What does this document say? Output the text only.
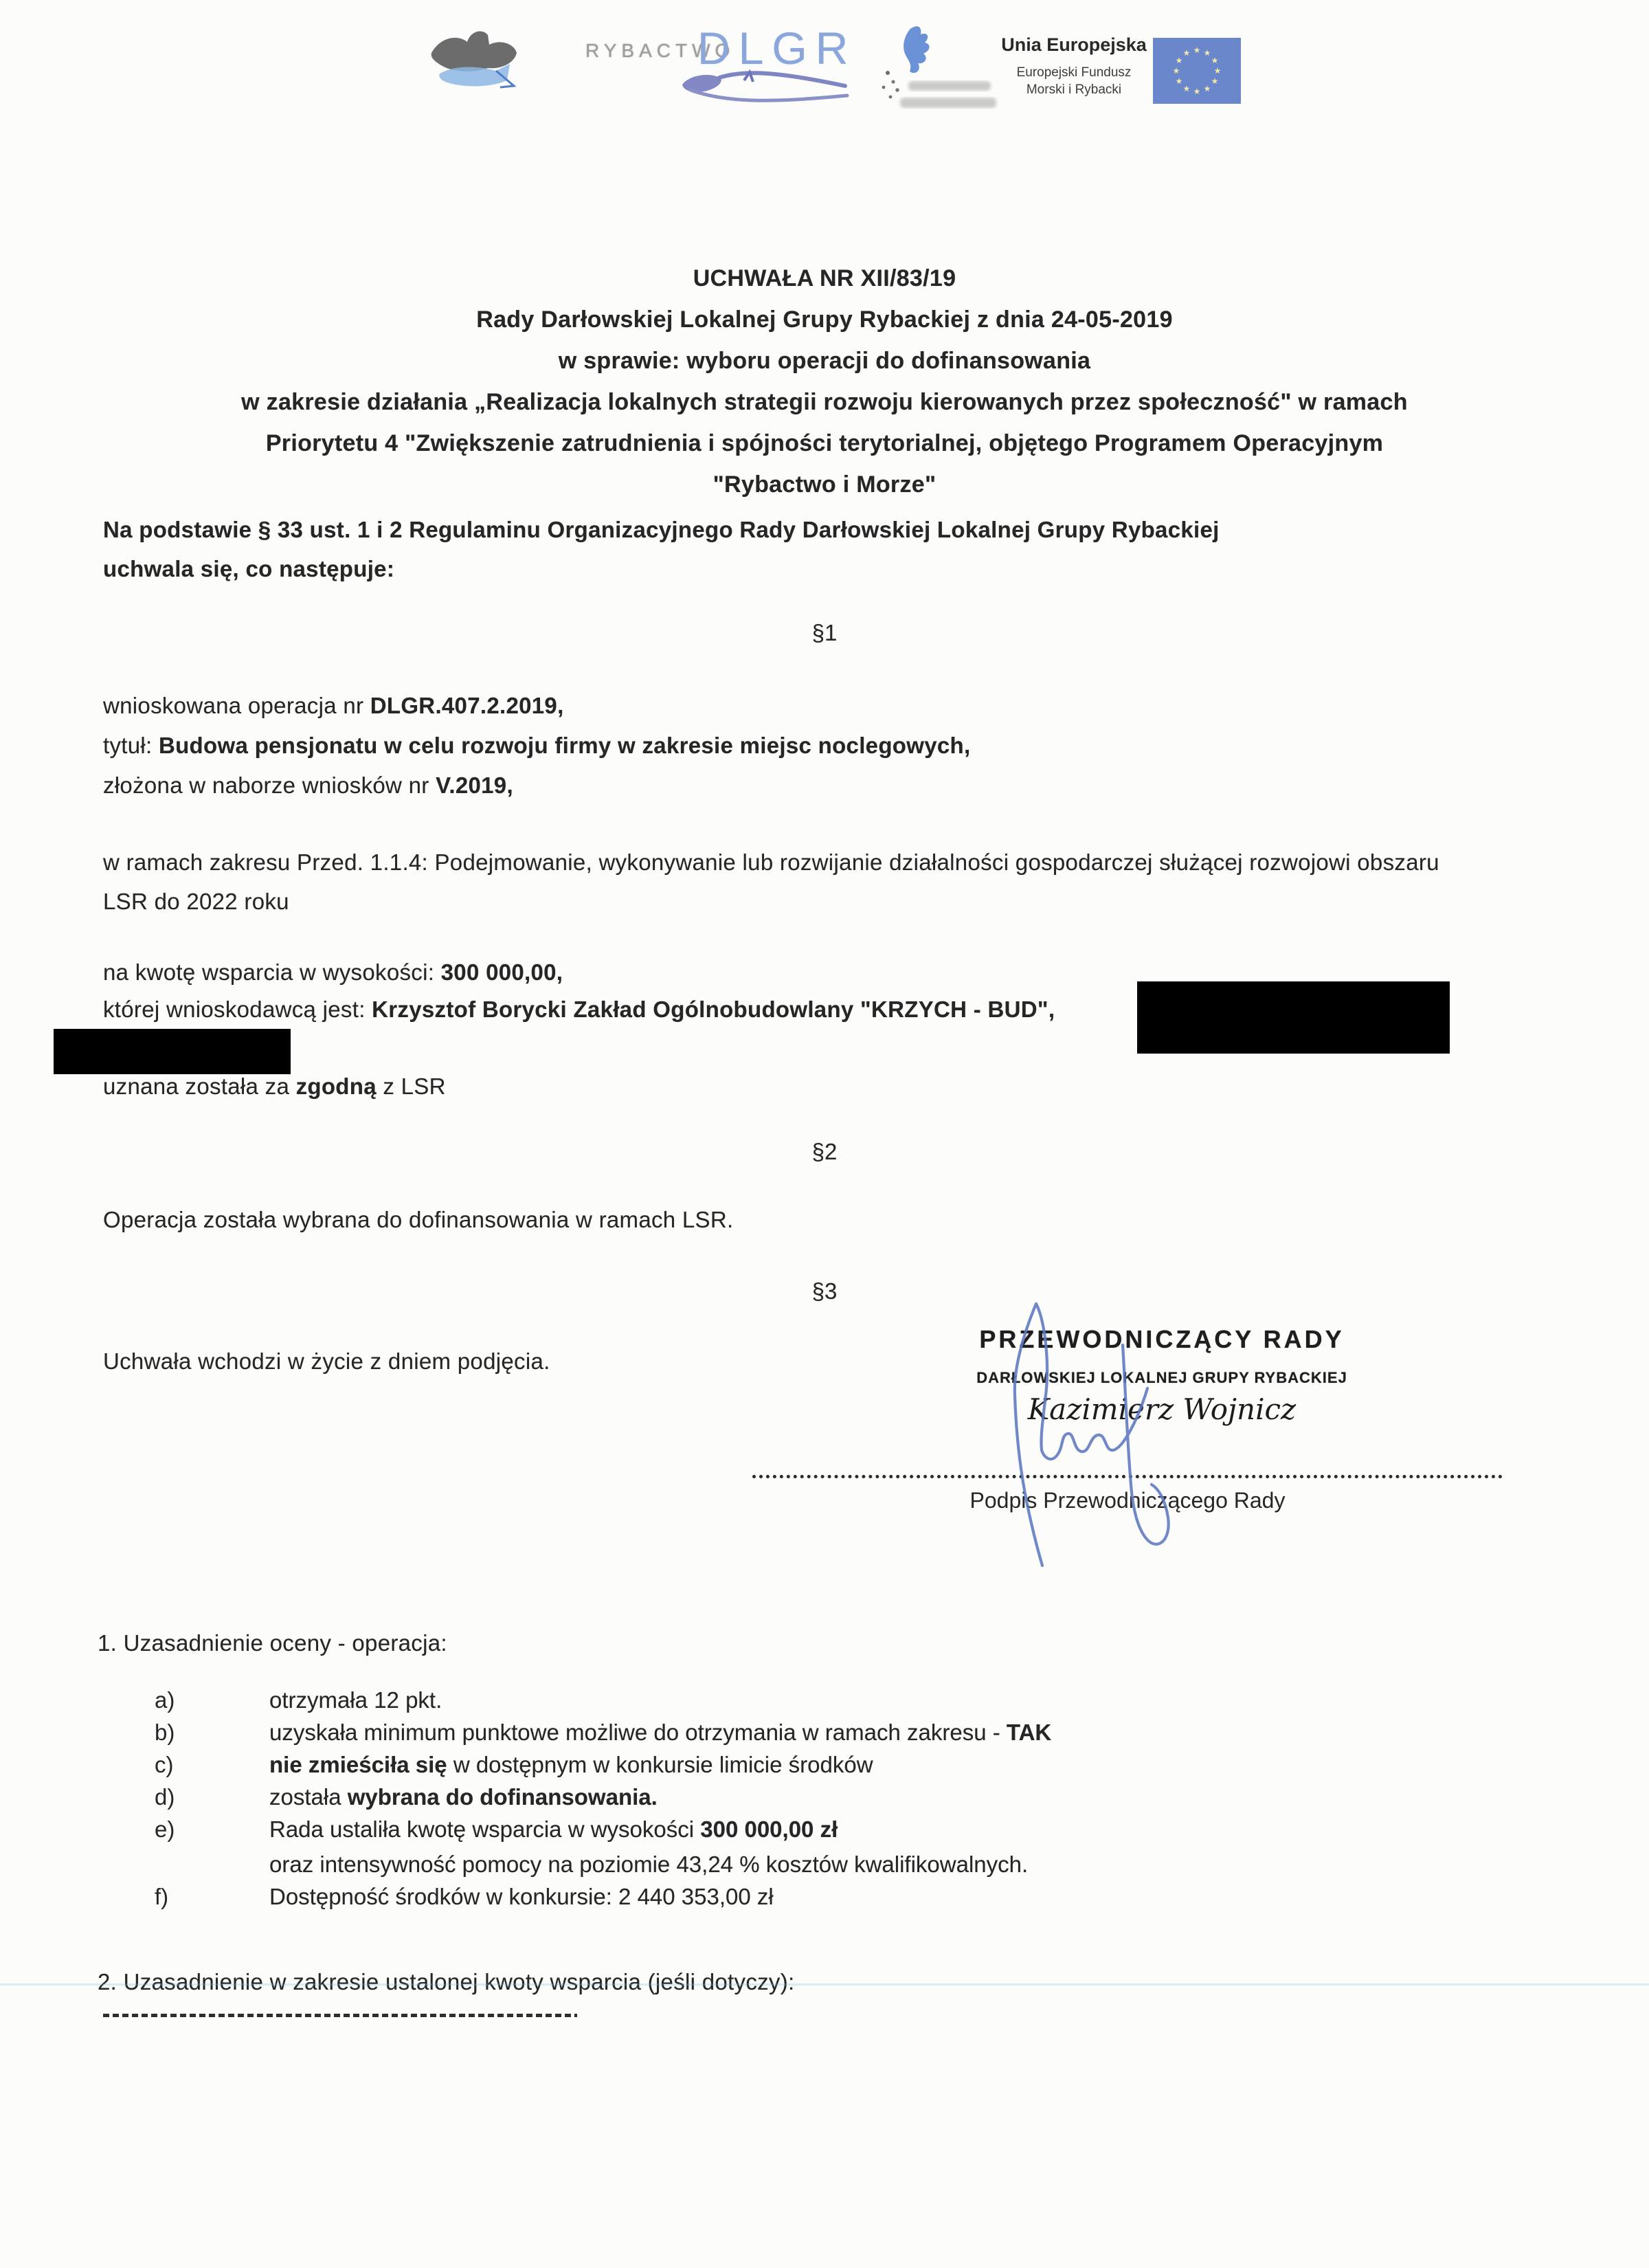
RYBACTWO
DLGR	Unia Europejska
Europejski Fundusz
Morski i Rybacki
★ ★
★
★
★
★
★
★
★
★
★
★
UCHWAŁA NR XII/83/19
Rady Darłowskiej Lokalnej Grupy Rybackiej z dnia 24-05-2019
w sprawie: wyboru operacji do dofinansowania
w zakresie działania „Realizacja lokalnych strategii rozwoju kierowanych przez społeczność" w ramach
Priorytetu 4 "Zwiększenie zatrudnienia i spójności terytorialnej, objętego Programem Operacyjnym
"Rybactwo i Morze"
Na podstawie § 33 ust. 1 i 2 Regulaminu Organizacyjnego Rady Darłowskiej Lokalnej Grupy Rybackiej
uchwala się, co następuje:
§1
wnioskowana operacja nr DLGR.407.2.2019,
tytuł: Budowa pensjonatu w celu rozwoju firmy w zakresie miejsc noclegowych,
złożona w naborze wniosków nr V.2019,
w ramach zakresu Przed. 1.1.4: Podejmowanie, wykonywanie lub rozwijanie działalności gospodarczej służącej rozwojowi obszaru
LSR do 2022 roku
na kwotę wsparcia w wysokości: 300 000,00,
której wnioskodawcą jest: Krzysztof Borycki Zakład Ogólnobudowlany "KRZYCH - BUD",
uznana została za zgodną z LSR
§2
Operacja została wybrana do dofinansowania w ramach LSR.
§3
Uchwała wchodzi w życie z dniem podjęcia.
PRZEWODNICZĄCY RADY
DARŁOWSKIEJ LOKALNEJ GRUPY RYBACKIEJ
Kazimierz Wojnicz
Podpis Przewodniczącego Rady
1. Uzasadnienie oceny - operacja:
a)	otrzymała 12 pkt.
b)	uzyskała minimum punktowe możliwe do otrzymania w ramach zakresu - TAK
c)	nie zmieściła się w dostępnym w konkursie limicie środków
d)	została wybrana do dofinansowania.
e)	Rada ustaliła kwotę wsparcia w wysokości 300 000,00 zł
oraz intensywność pomocy na poziomie 43,24 % kosztów kwalifikowalnych.
f)	Dostępność środków w konkursie: 2 440 353,00 zł
2. Uzasadnienie w zakresie ustalonej kwoty wsparcia (jeśli dotyczy):
